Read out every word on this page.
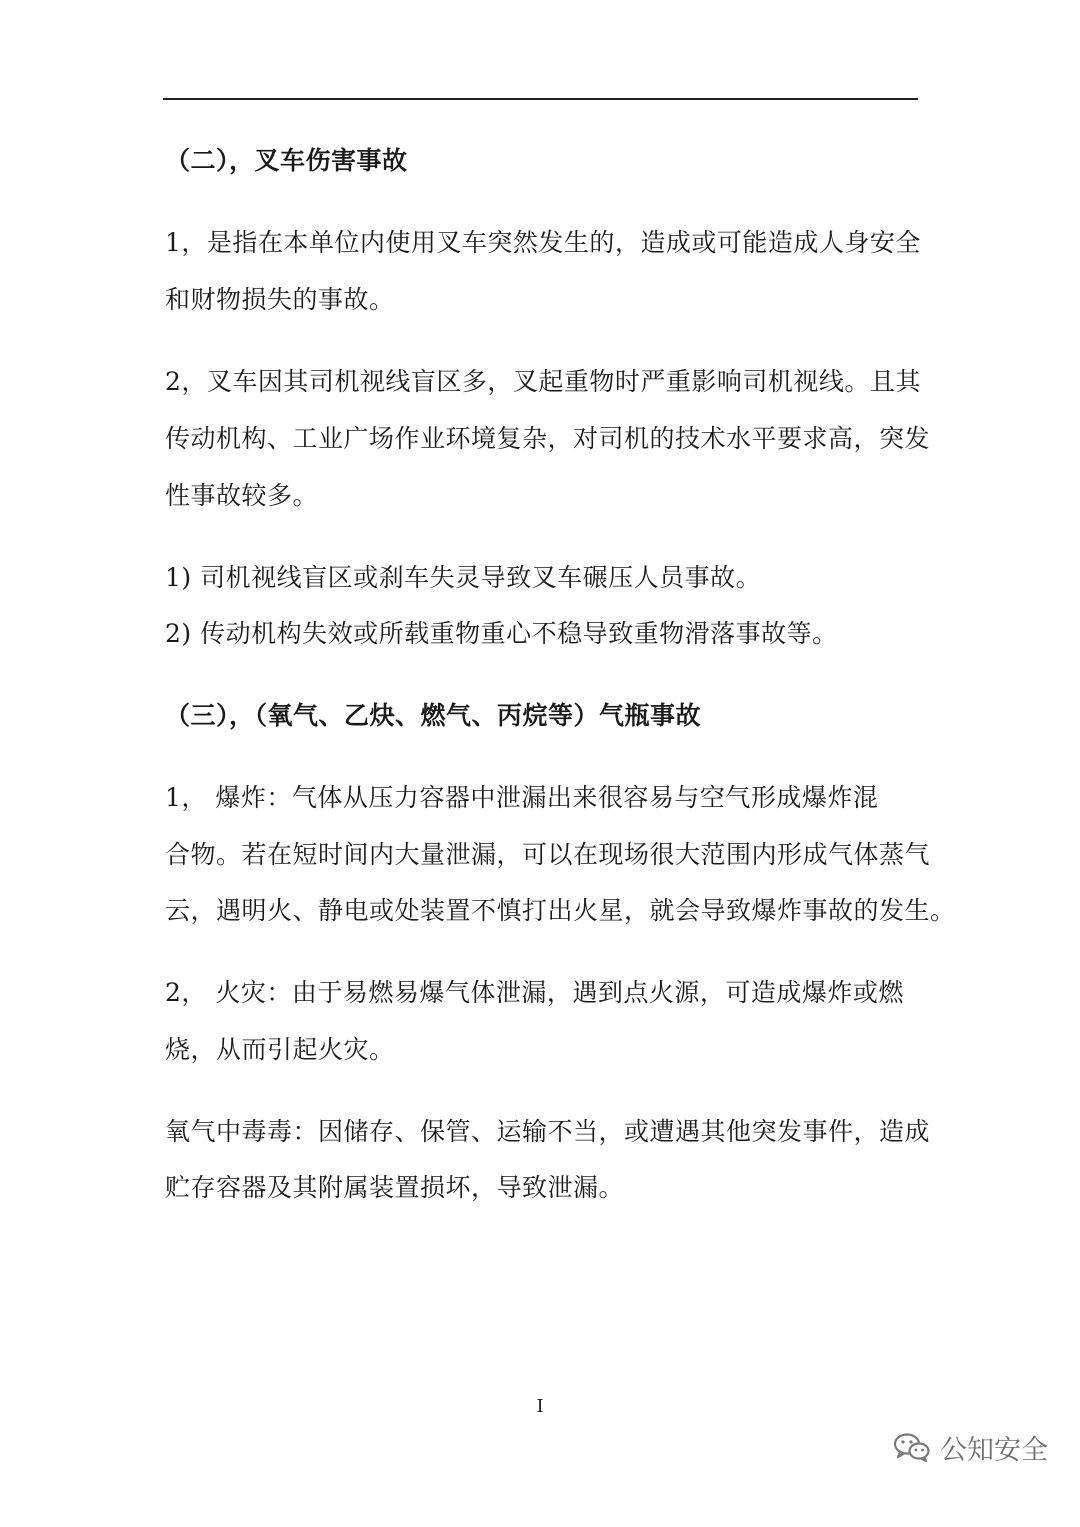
（二），叉车伤害事故
1，是指在本单位内使用叉车突然发生的，造成或可能造成人身安全
和财物损失的事故。
2，叉车因其司机视线盲区多，叉起重物时严重影响司机视线。且其
传动机构、工业广场作业环境复杂，对司机的技术水平要求高，突发
性事故较多。
1) 司机视线盲区或刹车失灵导致叉车碾压人员事故。
2) 传动机构失效或所载重物重心不稳导致重物滑落事故等。
（三），（氧气、乙炔、燃气、丙烷等）气瓶事故
1， 爆炸：气体从压力容器中泄漏出来很容易与空气形成爆炸混
合物。若在短时间内大量泄漏，可以在现场很大范围内形成气体蒸气
云，遇明火、静电或处装置不慎打出火星，就会导致爆炸事故的发生。
2， 火灾：由于易燃易爆气体泄漏，遇到点火源，可造成爆炸或燃
烧，从而引起火灾。
氧气中毒毒：因储存、保管、运输不当，或遭遇其他突发事件，造成
贮存容器及其附属装置损坏，导致泄漏。
I
公知安全
